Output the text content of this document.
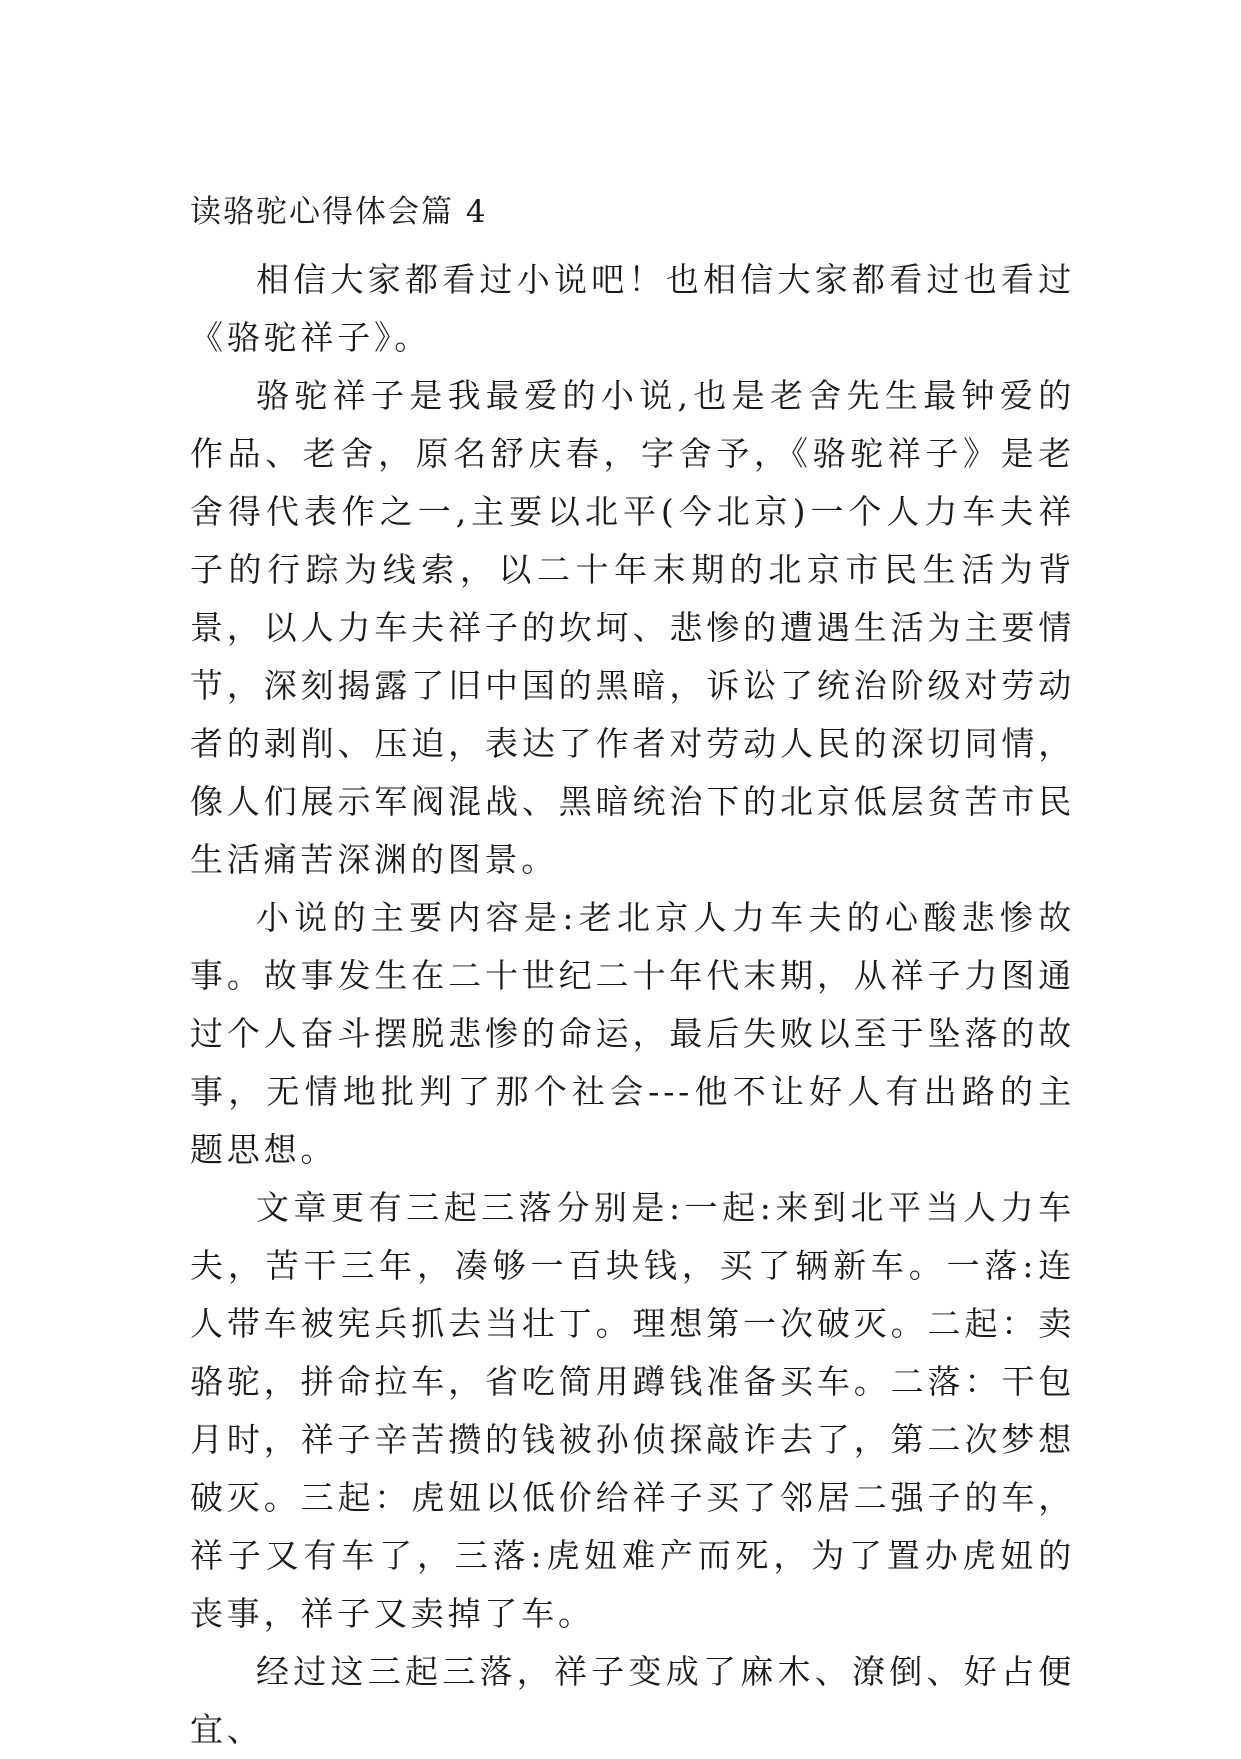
读骆驼心得体会篇 4

相信大家都看过小说吧！也相信大家都看过也看过《骆驼祥子》。

骆驼祥子是我最爱的小说,也是老舍先生最钟爱的作品、老舍，原名舒庆春，字舍予，《骆驼祥子》是老舍得代表作之一,主要以北平(今北京)一个人力车夫祥子的行踪为线索，以二十年末期的北京市民生活为背景，以人力车夫祥子的坎坷、悲惨的遭遇生活为主要情节，深刻揭露了旧中国的黑暗，诉讼了统治阶级对劳动者的剥削、压迫，表达了作者对劳动人民的深切同情，像人们展示军阀混战、黑暗统治下的北京低层贫苦市民生活痛苦深渊的图景。

小说的主要内容是:老北京人力车夫的心酸悲惨故事。故事发生在二十世纪二十年代末期，从祥子力图通过个人奋斗摆脱悲惨的命运，最后失败以至于坠落的故事，无情地批判了那个社会---他不让好人有出路的主题思想。

文章更有三起三落分别是:一起:来到北平当人力车夫，苦干三年，凑够一百块钱，买了辆新车。一落:连人带车被宪兵抓去当壮丁。理想第一次破灭。二起：卖骆驼，拼命拉车，省吃简用蹲钱准备买车。二落：干包月时，祥子辛苦攒的钱被孙侦探敲诈去了，第二次梦想破灭。三起：虎妞以低价给祥子买了邻居二强子的车，祥子又有车了，三落:虎妞难产而死，为了置办虎妞的丧事，祥子又卖掉了车。

经过这三起三落，祥子变成了麻木、潦倒、好占便宜、
